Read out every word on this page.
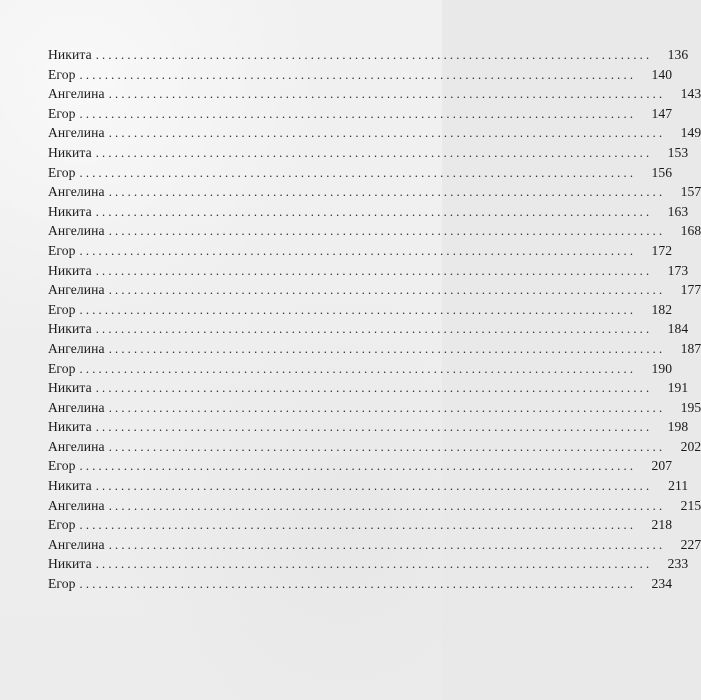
Никита ........................................................................................	136
Егор ........................................................................................	140
Ангелина ........................................................................................	143
Егор ........................................................................................	147
Ангелина ........................................................................................	149
Никита ........................................................................................	153
Егор ........................................................................................	156
Ангелина ........................................................................................	157
Никита ........................................................................................	163
Ангелина ........................................................................................	168
Егор ........................................................................................	172
Никита ........................................................................................	173
Ангелина ........................................................................................	177
Егор ........................................................................................	182
Никита ........................................................................................	184
Ангелина ........................................................................................	187
Егор ........................................................................................	190
Никита ........................................................................................	191
Ангелина ........................................................................................	195
Никита ........................................................................................	198
Ангелина ........................................................................................	202
Егор ........................................................................................	207
Никита ........................................................................................	211
Ангелина ........................................................................................	215
Егор ........................................................................................	218
Ангелина ........................................................................................	227
Никита ........................................................................................	233
Егор ........................................................................................	234
